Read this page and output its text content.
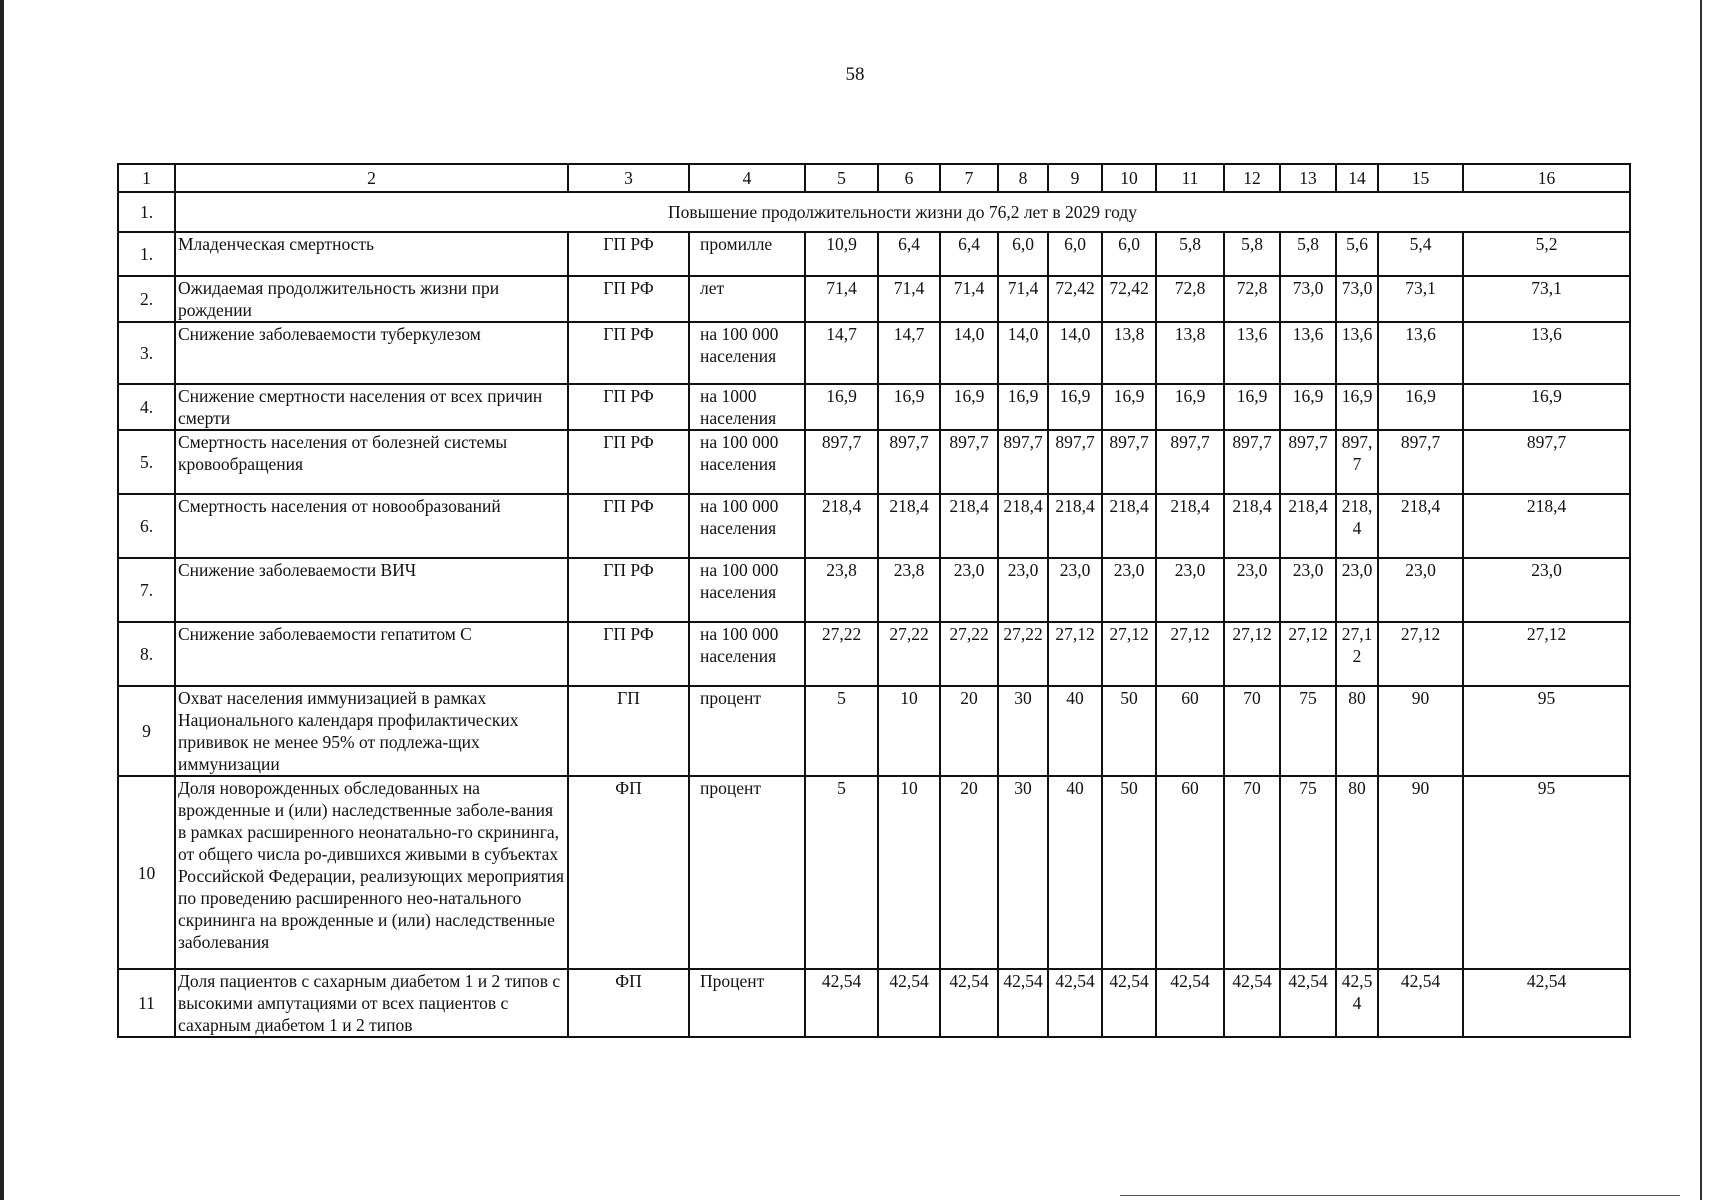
58
1	2	3	4	5	6	7	8	9	10	11	12	13	14	15	16
1.	Повышение продолжительности жизни до 76,2 лет в 2029 году														
1.	Младенческая смертность	ГП РФ	промилле	10,9	6,4	6,4	6,0	6,0	6,0	5,8	5,8	5,8	5,6	5,4	5,2
2.	Ожидаемая продолжительность жизни при рождении	ГП РФ	лет	71,4	71,4	71,4	71,4	72,42	72,42	72,8	72,8	73,0	73,0	73,1	73,1
3.	Снижение заболеваемости туберкулезом	ГП РФ	на 100 000 населения	14,7	14,7	14,0	14,0	14,0	13,8	13,8	13,6	13,6	13,6	13,6	13,6
4.	Снижение смертности населения от всех причин смерти	ГП РФ	на 1000 населения	16,9	16,9	16,9	16,9	16,9	16,9	16,9	16,9	16,9	16,9	16,9	16,9
5.	Смертность населения от болезней системы кровообращения	ГП РФ	на 100 000 населения	897,7	897,7	897,7	897,7	897,7	897,7	897,7	897,7	897,7	897,7	897,7	897,7
6.	Смертность населения от новообразований	ГП РФ	на 100 000 населения	218,4	218,4	218,4	218,4	218,4	218,4	218,4	218,4	218,4	218,4	218,4	218,4
7.	Снижение заболеваемости ВИЧ	ГП РФ	на 100 000 населения	23,8	23,8	23,0	23,0	23,0	23,0	23,0	23,0	23,0	23,0	23,0	23,0
8.	Снижение заболеваемости гепатитом С	ГП РФ	на 100 000 населения	27,22	27,22	27,22	27,22	27,12	27,12	27,12	27,12	27,12	27,12	27,12	27,12
9	Охват населения иммунизацией в рамках Национального календаря профилактических прививок не менее 95% от подлежа-щих иммунизации	ГП	процент	5	10	20	30	40	50	60	70	75	80	90	95
10	Доля новорожденных обследованных на врожденные и (или) наследственные заболе-вания в рамках расширенного неонатально-го скрининга, от общего числа ро-дившихся живыми в субъектах Российской Федерации, реализующих мероприятия по проведению расширенного нео-натального скрининга на врожденные и (или) наследственные заболевания	ФП	процент	5	10	20	30	40	50	60	70	75	80	90	95
11	Доля пациентов с сахарным диабетом 1 и 2 типов с высокими ампутациями от всех пациентов с сахарным диабетом 1 и 2 типов	ФП	Процент	42,54	42,54	42,54	42,54	42,54	42,54	42,54	42,54	42,54	42,54	42,54	42,54
